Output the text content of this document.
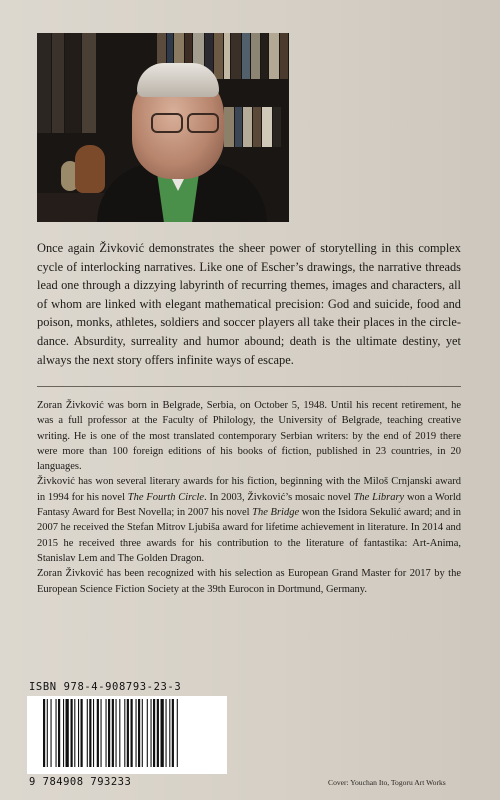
Once again Živković demonstrates the sheer power of storytelling in this complex cycle of interlocking narratives. Like one of Escher’s drawings, the narrative threads lead one through a dizzying labyrinth of recurring themes, images and characters, all of whom are linked with elegant mathematical precision: God and suicide, food and poison, monks, athletes, soldiers and soccer players all take their places in the circle-dance. Absurdity, surreality and humor abound; death is the ultimate destiny, yet always the next story offers infinite ways of escape.

Zoran Živković was born in Belgrade, Serbia, on October 5, 1948. Until his recent retirement, he was a full professor at the Faculty of Philology, the University of Belgrade, teaching creative writing. He is one of the most translated contemporary Serbian writers: by the end of 2019 there were more than 100 foreign editions of his books of fiction, published in 23 countries, in 20 languages.

Živković has won several literary awards for his fiction, beginning with the Miloš Crnjanski award in 1994 for his novel The Fourth Circle. In 2003, Živković’s mosaic novel The Library won a World Fantasy Award for Best Novella; in 2007 his novel The Bridge won the Isidora Sekulić award; and in 2007 he received the Stefan Mitrov Ljubiša award for lifetime achievement in literature. In 2014 and 2015 he received three awards for his contribution to the literature of fantastika: Art-Anima, Stanislav Lem and The Golden Dragon.

Zoran Živković has been recognized with his selection as European Grand Master for 2017 by the European Science Fiction Society at the 39th Eurocon in Dortmund, Germany.

ISBN 978-4-908793-23-3
9 784908 793233	Cover: Youchan Ito, Togoru Art Works
